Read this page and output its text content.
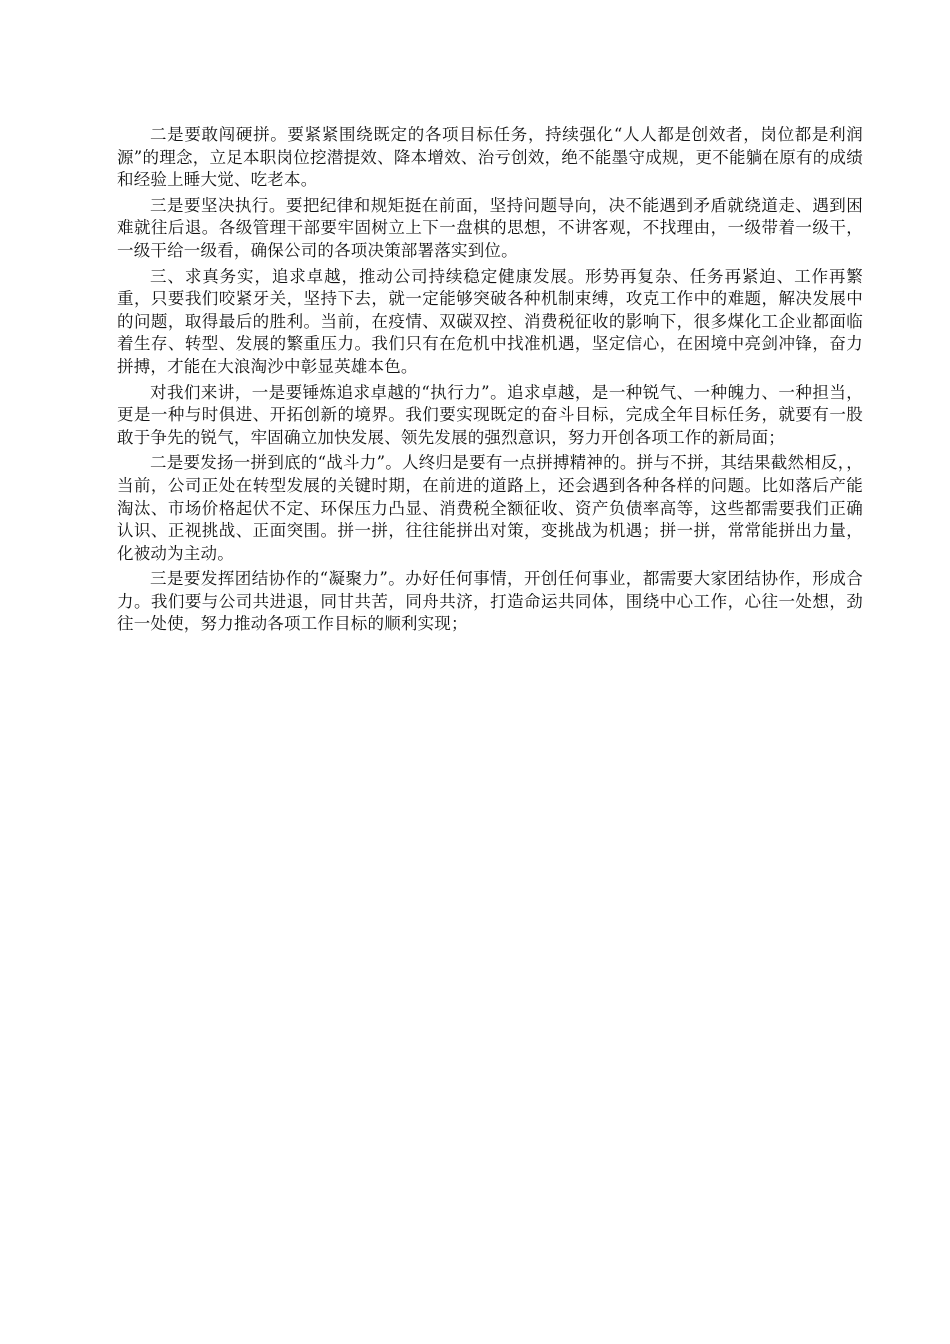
二是要敢闯硬拼。要紧紧围绕既定的各项目标任务，持续强化“人人都是创效者，岗位都是利润源”的理念，立足本职岗位挖潜提效、降本增效、治亏创效，绝不能墨守成规，更不能躺在原有的成绩和经验上睡大觉、吃老本。

三是要坚决执行。要把纪律和规矩挺在前面，坚持问题导向，决不能遇到矛盾就绕道走、遇到困难就往后退。各级管理干部要牢固树立上下一盘棋的思想，不讲客观，不找理由，一级带着一级干，一级干给一级看，确保公司的各项决策部署落实到位。

三、求真务实，追求卓越，推动公司持续稳定健康发展。形势再复杂、任务再紧迫、工作再繁重，只要我们咬紧牙关，坚持下去，就一定能够突破各种机制束缚，攻克工作中的难题，解决发展中的问题，取得最后的胜利。当前，在疫情、双碳双控、消费税征收的影响下，很多煤化工企业都面临着生存、转型、发展的繁重压力。我们只有在危机中找准机遇，坚定信心，在困境中亮剑冲锋，奋力拼搏，才能在大浪淘沙中彰显英雄本色。

对我们来讲，一是要锤炼追求卓越的“执行力”。追求卓越，是一种锐气、一种魄力、一种担当，更是一种与时俱进、开拓创新的境界。我们要实现既定的奋斗目标，完成全年目标任务，就要有一股敢于争先的锐气，牢固确立加快发展、领先发展的强烈意识，努力开创各项工作的新局面；

二是要发扬一拼到底的“战斗力”。人终归是要有一点拼搏精神的。拼与不拼，其结果截然相反，，当前，公司正处在转型发展的关键时期，在前进的道路上，还会遇到各种各样的问题。比如落后产能淘汰、市场价格起伏不定、环保压力凸显、消费税全额征收、资产负债率高等，这些都需要我们正确认识、正视挑战、正面突围。拼一拼，往往能拼出对策，变挑战为机遇；拼一拼，常常能拼出力量，化被动为主动。

三是要发挥团结协作的“凝聚力”。办好任何事情，开创任何事业，都需要大家团结协作，形成合力。我们要与公司共进退，同甘共苦，同舟共济，打造命运共同体，围绕中心工作，心往一处想，劲往一处使，努力推动各项工作目标的顺利实现；
